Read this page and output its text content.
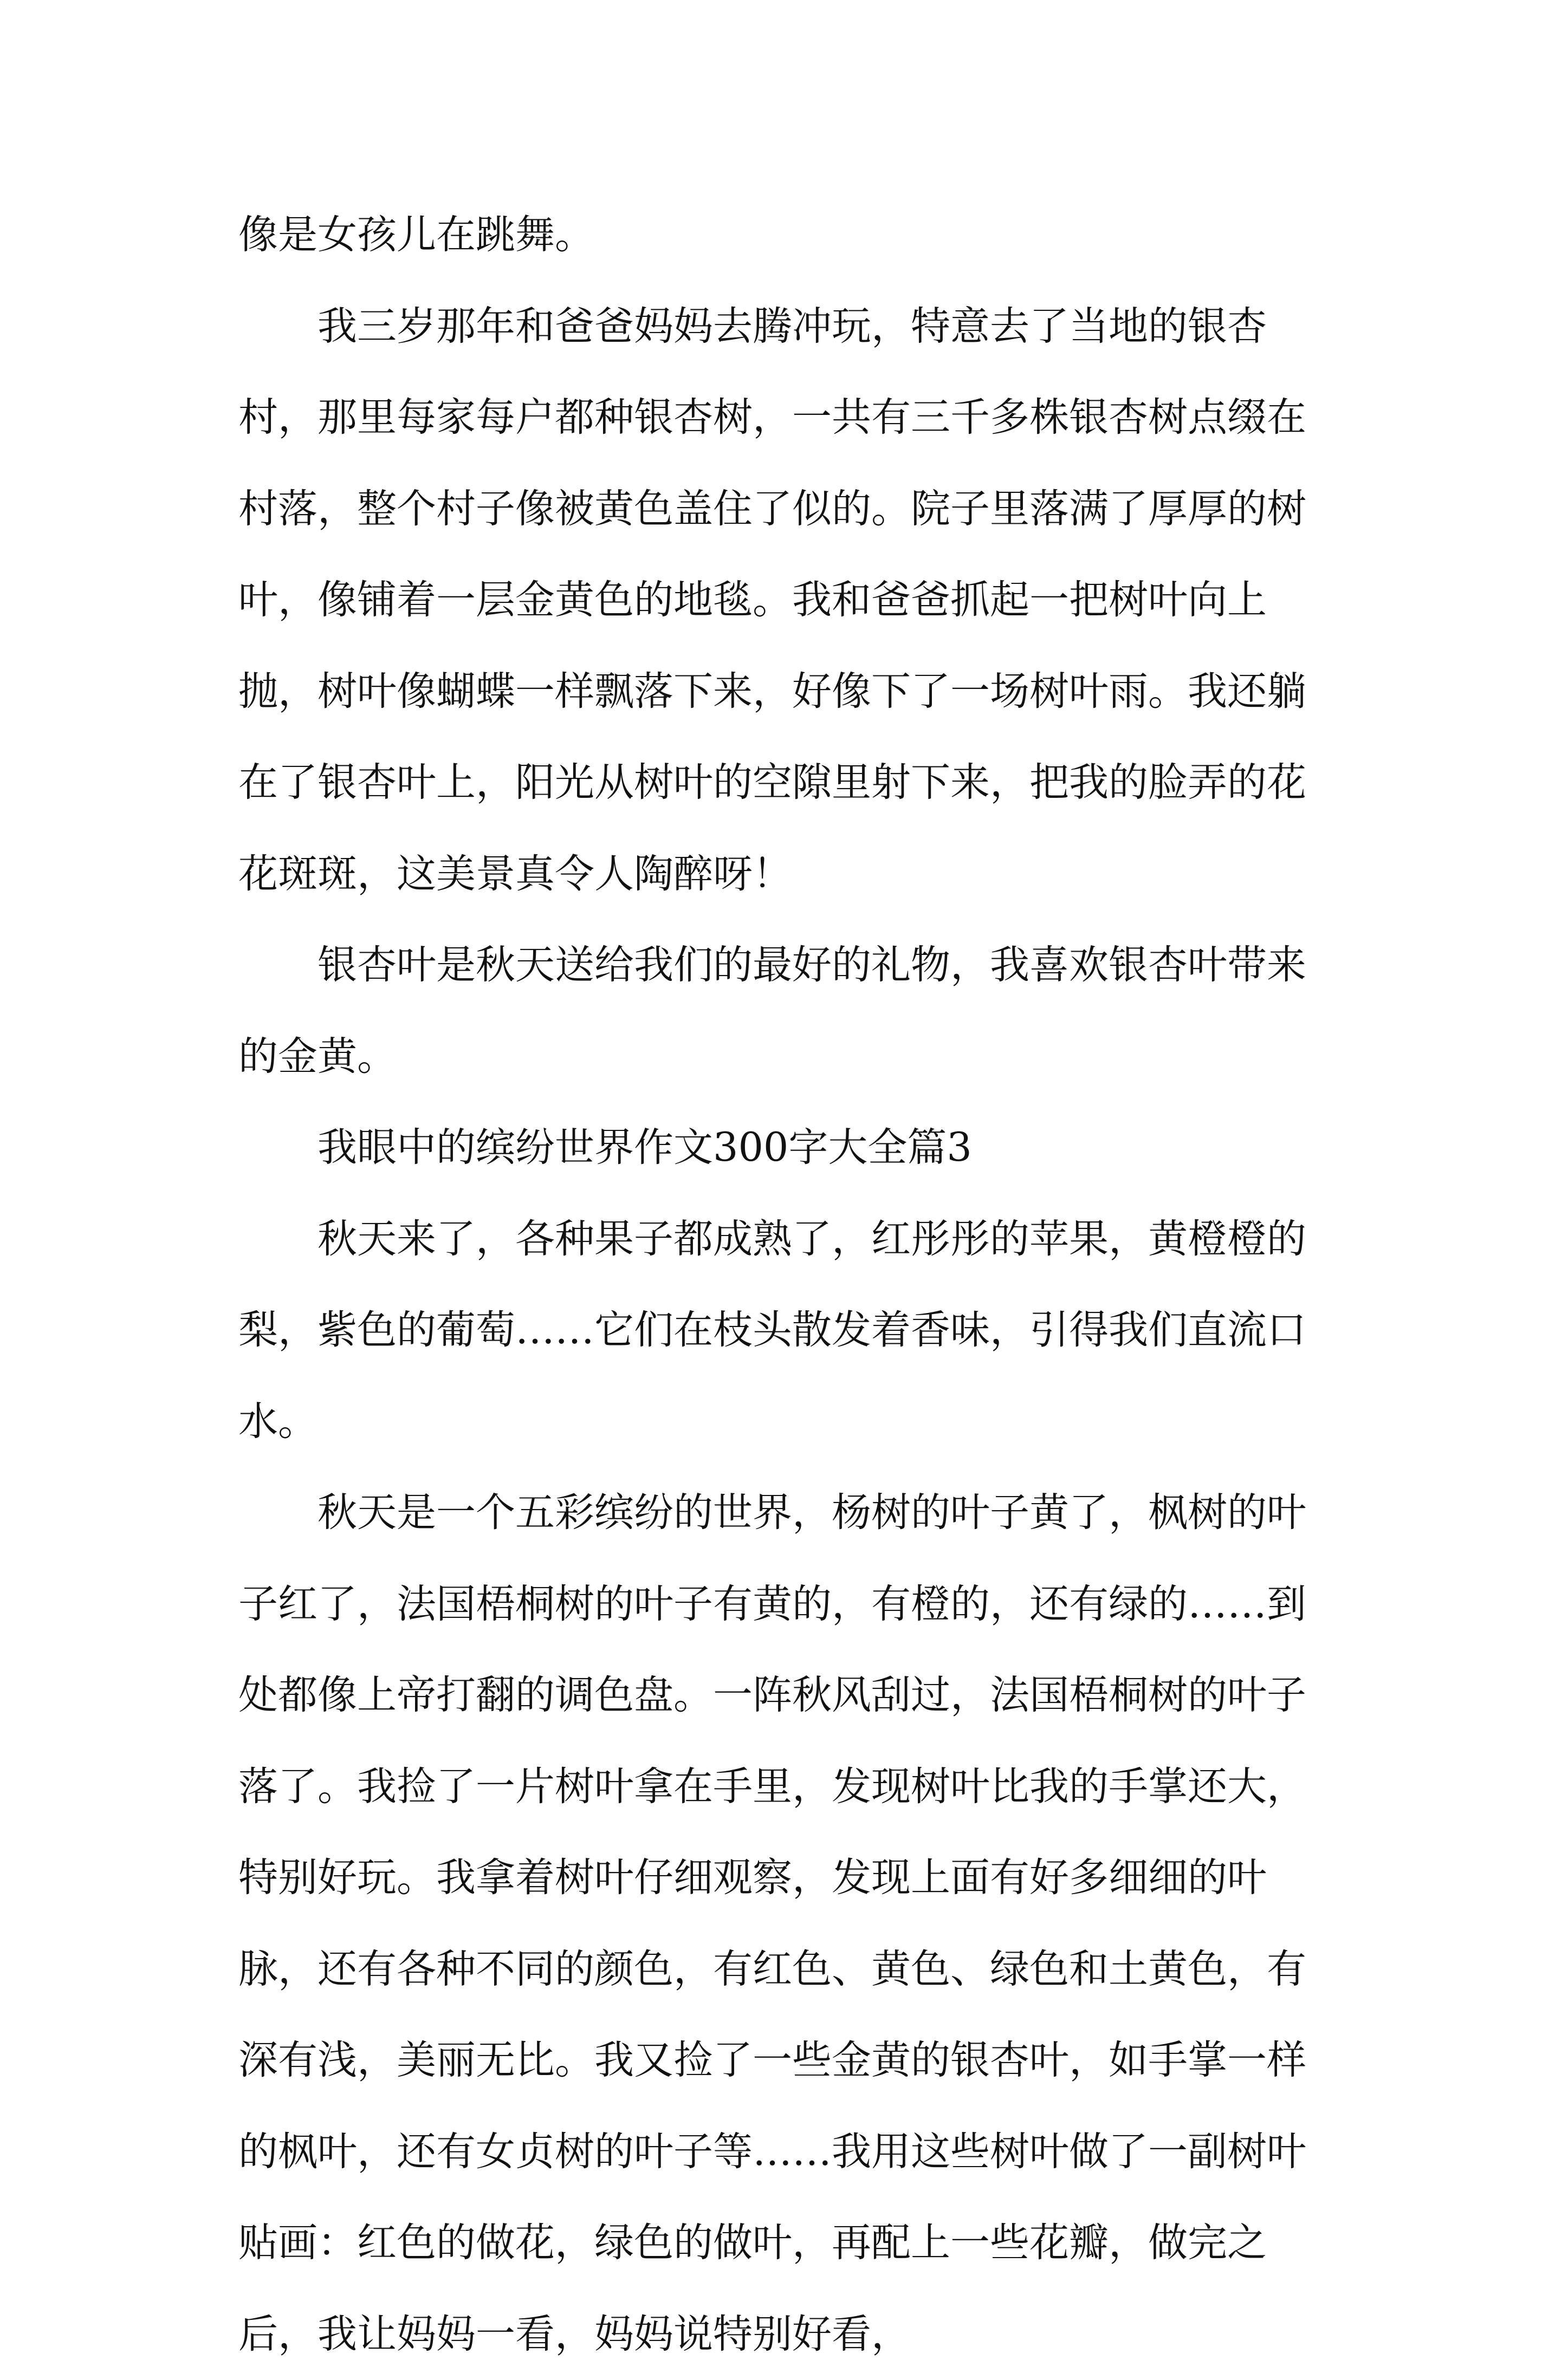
像是女孩儿在跳舞。

我三岁那年和爸爸妈妈去腾冲玩，特意去了当地的银杏村，那里每家每户都种银杏树，一共有三千多株银杏树点缀在村落，整个村子像被黄色盖住了似的。院子里落满了厚厚的树叶，像铺着一层金黄色的地毯。我和爸爸抓起一把树叶向上抛，树叶像蝴蝶一样飘落下来，好像下了一场树叶雨。我还躺在了银杏叶上，阳光从树叶的空隙里射下来，把我的脸弄的花花斑斑，这美景真令人陶醉呀！

银杏叶是秋天送给我们的最好的礼物，我喜欢银杏叶带来的金黄。

我眼中的缤纷世界作文300字大全篇3

秋天来了，各种果子都成熟了，红彤彤的苹果，黄橙橙的梨，紫色的葡萄……它们在枝头散发着香味，引得我们直流口水。

秋天是一个五彩缤纷的世界，杨树的叶子黄了，枫树的叶子红了，法国梧桐树的叶子有黄的，有橙的，还有绿的……到处都像上帝打翻的调色盘。一阵秋风刮过，法国梧桐树的叶子落了。我捡了一片树叶拿在手里，发现树叶比我的手掌还大，特别好玩。我拿着树叶仔细观察，发现上面有好多细细的叶脉，还有各种不同的颜色，有红色、黄色、绿色和土黄色，有深有浅，美丽无比。我又捡了一些金黄的银杏叶，如手掌一样的枫叶，还有女贞树的叶子等……我用这些树叶做了一副树叶贴画：红色的做花，绿色的做叶，再配上一些花瓣，做完之后，我让妈妈一看，妈妈说特别好看，
